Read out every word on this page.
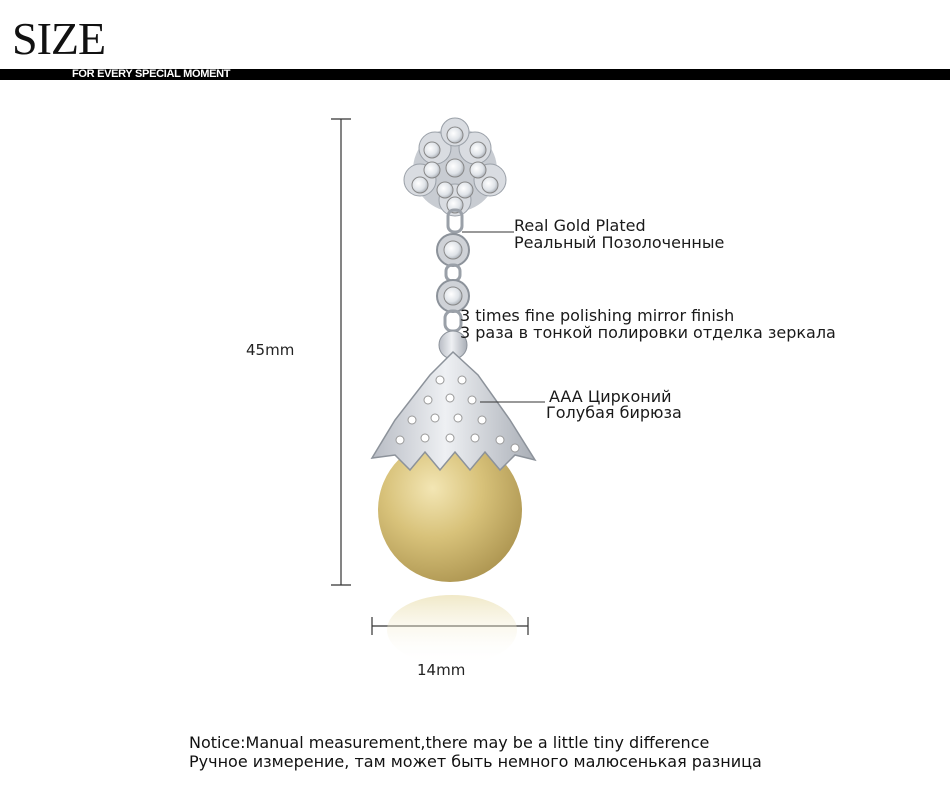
SIZE
FOR EVERY SPECIAL MOMENT
45mm
14mm
Real Gold Plated
Реальный Позолоченные
3 times fine polishing mirror finish
3 раза в тонкой полировки отделка зеркала
AAA Цирконий
Голубая бирюза
Notice:Manual measurement,there may be a little tiny difference
Ручное измерение, там может быть немного малюсенькая разница
